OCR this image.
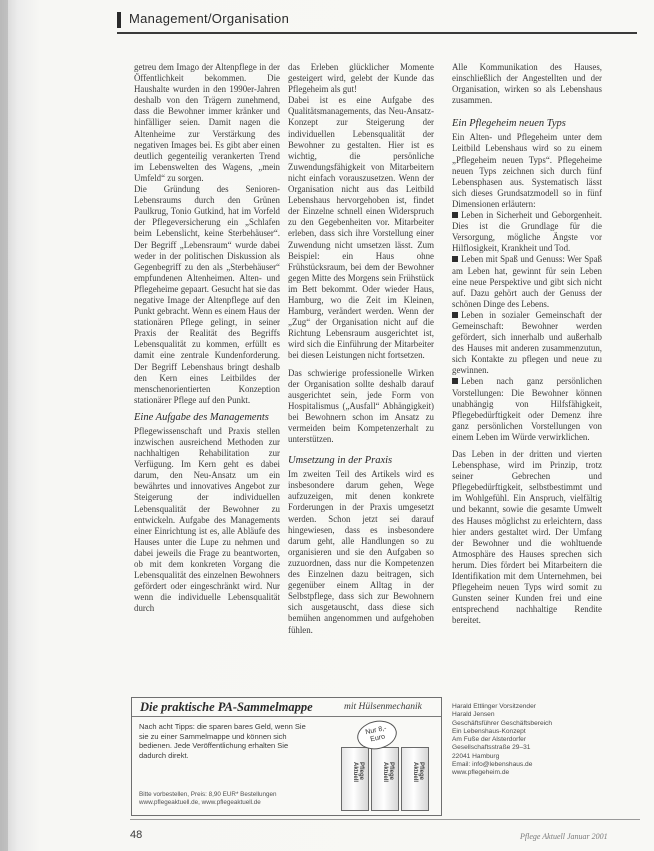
Management/Organisation

getreu dem Imago der Altenpflege in der Öffentlichkeit bekommen. Die Haushalte wurden in den 1990er-Jahren deshalb von den Trägern zunehmend, dass die Bewohner immer kränker und hinfälliger seien. Damit nagen die Altenheime zur Verstärkung des negativen Images bei. Es gibt aber einen deutlich gegenteilig verankerten Trend im Lebenswelten des Wagens, „mein Umfeld“ zu sorgen.

Die Gründung des Senioren-Lebensraums durch den Grünen Paulkrug, Tonio Gutkind, hat im Vorfeld der Pflegeversicherung ein „Schlafen beim Lebenslicht, keine Sterbehäuser“. Der Begriff „Lebensraum“ wurde dabei weder in der politischen Diskussion als Gegenbegriff zu den als „Sterbehäuser“ empfundenen Altenheimen. Alten- und Pflegeheime gepaart. Gesucht hat sie das negative Image der Altenpflege auf den Punkt gebracht. Wenn es einem Haus der stationären Pflege gelingt, in seiner Praxis der Realität des Begriffs Lebensqualität zu kommen, erfüllt es damit eine zentrale Kundenforderung. Der Begriff Lebenshaus bringt deshalb den Kern eines Leitbildes der menschenorientierten Konzeption stationärer Pflege auf den Punkt.

Eine Aufgabe des Managements

Pflegewissenschaft und Praxis stellen inzwischen ausreichend Methoden zur nachhaltigen Rehabilitation zur Verfügung. Im Kern geht es dabei darum, den Neu-Ansatz um ein bewährtes und innovatives Angebot zur Steigerung der individuellen Lebensqualität der Bewohner zu entwickeln. Aufgabe des Managements einer Einrichtung ist es, alle Abläufe des Hauses unter die Lupe zu nehmen und dabei jeweils die Frage zu beantworten, ob mit dem konkreten Vorgang die Lebensqualität des einzelnen Bewohners gefördert oder eingeschränkt wird. Nur wenn die individuelle Lebensqualität durch

das Erleben glücklicher Momente gesteigert wird, gelebt der Kunde das Pflegeheim als gut!

Dabei ist es eine Aufgabe des Qualitätsmanagements, das Neu-Ansatz-Konzept zur Steigerung der individuellen Lebensqualität der Bewohner zu gestalten. Hier ist es wichtig, die persönliche Zuwendungsfähigkeit von Mitarbeitern nicht einfach vorauszusetzen. Wenn der Organisation nicht aus das Leitbild Lebenshaus hervorgehoben ist, findet der Einzelne schnell einen Widerspruch zu den Gegebenheiten vor. Mitarbeiter erleben, dass sich ihre Vorstellung einer Zuwendung nicht umsetzen lässt. Zum Beispiel: ein Haus ohne Frühstücksraum, bei dem der Bewohner gegen Mitte des Morgens sein Frühstück im Bett bekommt. Oder wieder Haus, Hamburg, wo die Zeit im Kleinen, Hamburg, verändert werden. Wenn der „Zug“ der Organisation nicht auf die Richtung Lebensraum ausgerichtet ist, wird sich die Einführung der Mitarbeiter bei diesen Leistungen nicht fortsetzen.

Das schwierige professionelle Wirken der Organisation sollte deshalb darauf ausgerichtet sein, jede Form von Hospitalismus („Ausfall“ Abhängigkeit) bei Bewohnern schon im Ansatz zu vermeiden beim Kompetenzerhalt zu unterstützen.

Umsetzung in der Praxis

Im zweiten Teil des Artikels wird es insbesondere darum gehen, Wege aufzuzeigen, mit denen konkrete Forderungen in der Praxis umgesetzt werden. Schon jetzt sei darauf hingewiesen, dass es insbesondere darum geht, alle Handlungen so zu organisieren und sie den Aufgaben so zuzuordnen, dass nur die Kompetenzen des Einzelnen dazu beitragen, sich gegenüber einem Alltag in der Selbstpflege, dass sich zur Bewohnern sich ausgetauscht, dass diese sich bemühen angenommen und aufgehoben fühlen.

Alle Kommunikation des Hauses, einschließlich der Angestellten und der Organisation, wirken so als Lebenshaus zusammen.

Ein Pflegeheim neuen Typs

Ein Alten- und Pflegeheim unter dem Leitbild Lebenshaus wird so zu einem „Pflegeheim neuen Typs“. Pflegeheime neuen Typs zeichnen sich durch fünf Lebensphasen aus. Systematisch lässt sich dieses Grundsatzmodell so in fünf Dimensionen erläutern:

Leben in Sicherheit und Geborgenheit. Dies ist die Grundlage für die Versorgung, mögliche Ängste vor Hilflosigkeit, Krankheit und Tod.

Leben mit Spaß und Genuss: Wer Spaß am Leben hat, gewinnt für sein Leben eine neue Perspektive und gibt sich nicht auf. Dazu gehört auch der Genuss der schönen Dinge des Lebens.

Leben in sozialer Gemeinschaft der Gemeinschaft: Bewohner werden gefördert, sich innerhalb und außerhalb des Hauses mit anderen zusammenzutun, sich Kontakte zu pflegen und neue zu gewinnen.

Leben nach ganz persönlichen Vorstellungen: Die Bewohner können unabhängig von Hilfsfähigkeit, Pflegebedürftigkeit oder Demenz ihre ganz persönlichen Vorstellungen von einem Leben im Würde verwirklichen.

Das Leben in der dritten und vierten Lebensphase, wird im Prinzip, trotz seiner Gebrechen und Pflegebedürftigkeit, selbstbestimmt und im Wohlgefühl. Ein Anspruch, vielfältig und bekannt, sowie die gesamte Umwelt des Hauses möglichst zu erleichtern, dass hier anders gestaltet wird. Der Umfang der Bewohner und die wohltuende Atmosphäre des Hauses sprechen sich herum. Dies fördert bei Mitarbeitern die Identifikation mit dem Unternehmen, bei Pflegeheim neuen Typs wird somit zu Gunsten seiner Kunden frei und eine entsprechend nachhaltige Rendite bereitet.

Die praktische PA-Sammelmappe	mit Hülsenmechanik
Nach acht Tipps: die sparen bares Geld, wenn Sie sie zu einer Sammelmappe und können sich bedienen. Jede Veröffentlichung erhalten Sie dadurch direkt.
Bitte vorbestellen, Preis: 8,90 EUR* Bestellungen
www.pflegeaktuell.de, www.pflegeaktuell.de
Pflege Aktuell	Pflege Aktuell	Pflege Aktuell
Nur 8,- Euro
Harald Ettlinger Vorsitzender
Harald Jensen
Geschäftsführer Geschäftsbereich
Ein Lebenshaus-Konzept
Am Fuße der Alsterdorfer
Gesellschaftsstraße 29–31
22041 Hamburg
Email: info@lebenshaus.de
www.pflegeheim.de
48	Pflege Aktuell Januar 2001
